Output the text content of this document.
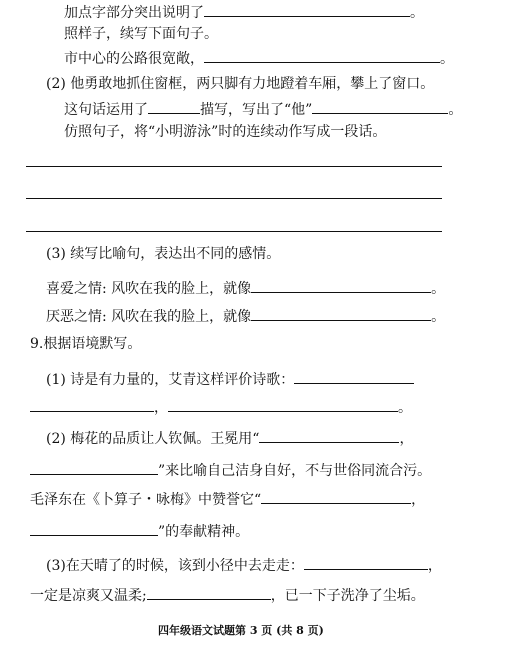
加点字部分突出说明了	。
照样子，续写下面句子。
市中心的公路很宽敞，	。
(2) 他勇敢地抓住窗框，两只脚有力地蹬着车厢，攀上了窗口。
这句话运用了	描写，写出了“他”	。
仿照句子，将“小明游泳”时的连续动作写成一段话。
(3) 续写比喻句，表达出不同的感情。
喜爱之情: 风吹在我的脸上，就像	。
厌恶之情: 风吹在我的脸上，就像	。
9.根据语境默写。
(1) 诗是有力量的，艾青这样评价诗歌：
，	。
(2) 梅花的品质让人钦佩。王冕用“	，
”来比喻自己洁身自好，不与世俗同流合污。
毛泽东在《卜算子・咏梅》中赞誉它“	，
”的奉献精神。
(3)在天晴了的时候，该到小径中去走走：	，
一定是凉爽又温柔;	，已一下子洗净了尘垢。
四年级语文试题第 3 页 (共 8 页)
